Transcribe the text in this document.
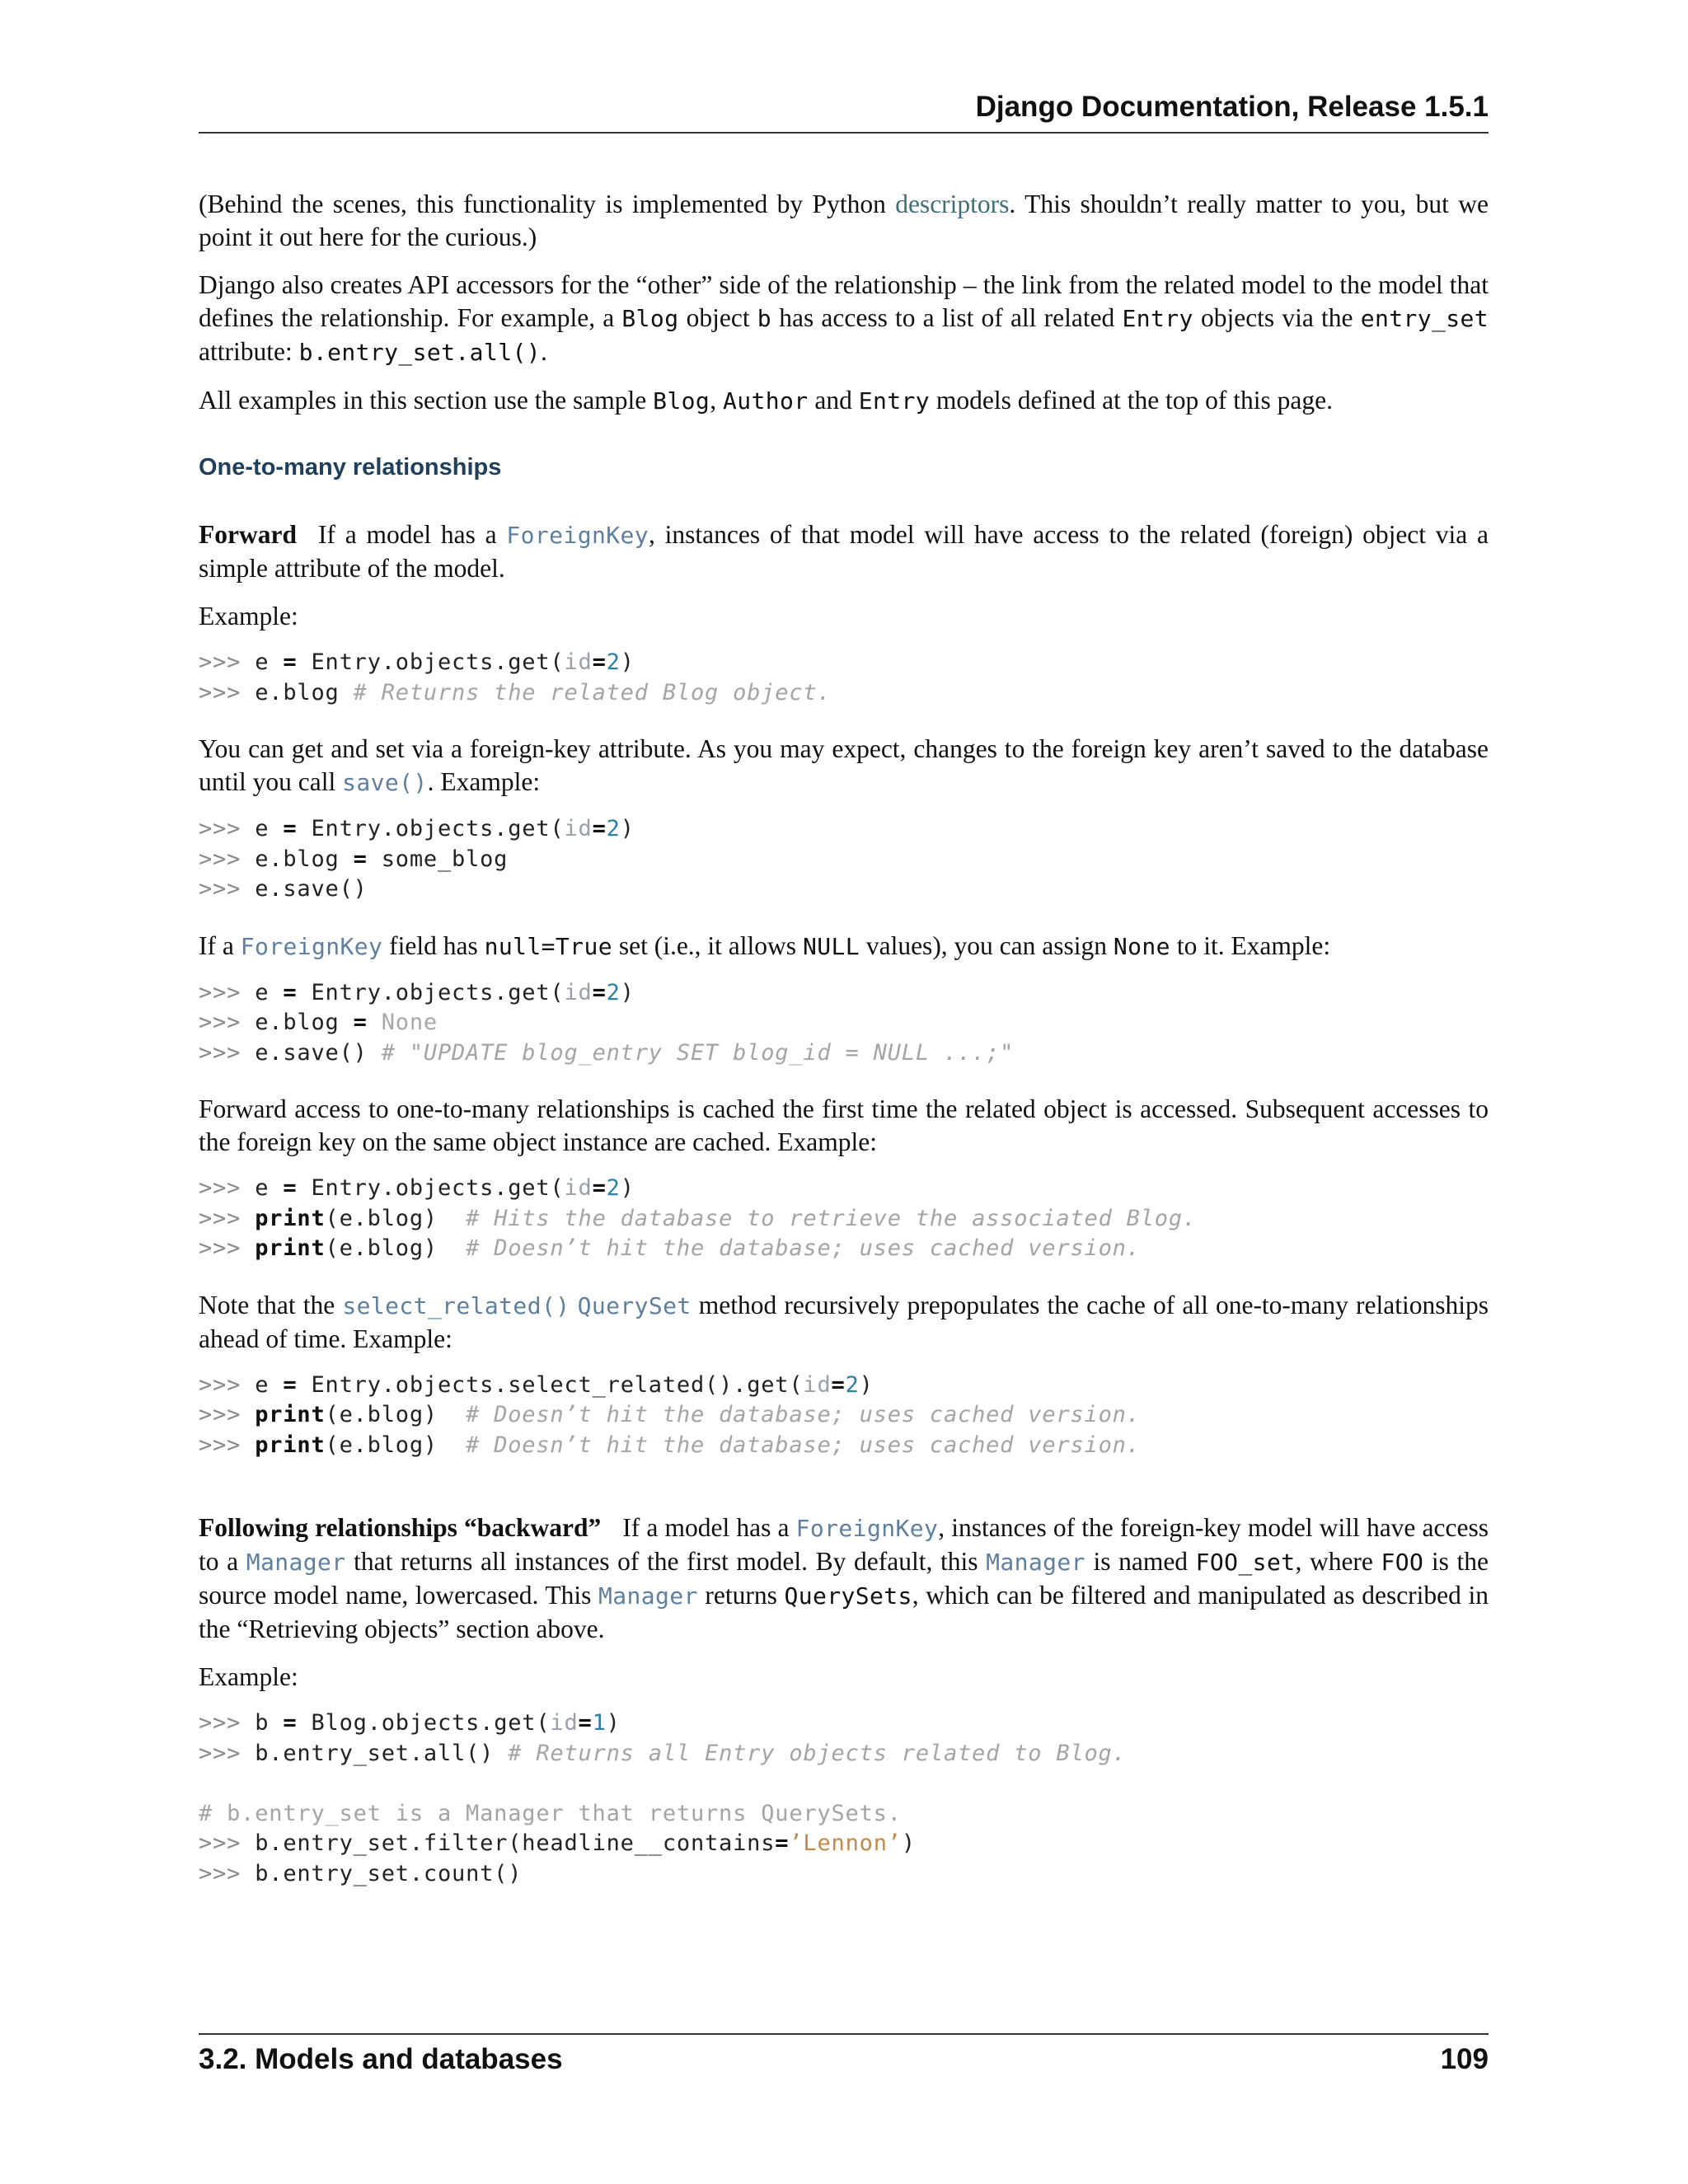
Django Documentation, Release 1.5.1

(Behind the scenes, this functionality is implemented by Python descriptors. This shouldn’t really matter to you, but we point it out here for the curious.)

Django also creates API accessors for the “other” side of the relationship – the link from the related model to the model that defines the relationship. For example, a Blog object b has access to a list of all related Entry objects via the entry_set attribute: b.entry_set.all().

All examples in this section use the sample Blog, Author and Entry models defined at the top of this page.

One-to-many relationships

Forward If a model has a ForeignKey, instances of that model will have access to the related (foreign) object via a simple attribute of the model.

Example:

>>> e = Entry.objects.get(id=2)
>>> e.blog # Returns the related Blog object.

You can get and set via a foreign-key attribute. As you may expect, changes to the foreign key aren’t saved to the database until you call save(). Example:

>>> e = Entry.objects.get(id=2)
>>> e.blog = some_blog
>>> e.save()

If a ForeignKey field has null=True set (i.e., it allows NULL values), you can assign None to it. Example:

>>> e = Entry.objects.get(id=2)
>>> e.blog = None
>>> e.save() # "UPDATE blog_entry SET blog_id = NULL ...;"

Forward access to one-to-many relationships is cached the first time the related object is accessed. Subsequent accesses to the foreign key on the same object instance are cached. Example:

>>> e = Entry.objects.get(id=2)
>>> print(e.blog)  # Hits the database to retrieve the associated Blog.
>>> print(e.blog)  # Doesn’t hit the database; uses cached version.

Note that the select_related() QuerySet method recursively prepopulates the cache of all one-to-many relationships ahead of time. Example:

>>> e = Entry.objects.select_related().get(id=2)
>>> print(e.blog)  # Doesn’t hit the database; uses cached version.
>>> print(e.blog)  # Doesn’t hit the database; uses cached version.

Following relationships “backward” If a model has a ForeignKey, instances of the foreign-key model will have access to a Manager that returns all instances of the first model. By default, this Manager is named FOO_set, where FOO is the source model name, lowercased. This Manager returns QuerySets, which can be filtered and manipulated as described in the “Retrieving objects” section above.

Example:

>>> b = Blog.objects.get(id=1)
>>> b.entry_set.all() # Returns all Entry objects related to Blog.
# b.entry_set is a Manager that returns QuerySets.
>>> b.entry_set.filter(headline__contains=’Lennon’)
>>> b.entry_set.count()
3.2. Models and databases	109
